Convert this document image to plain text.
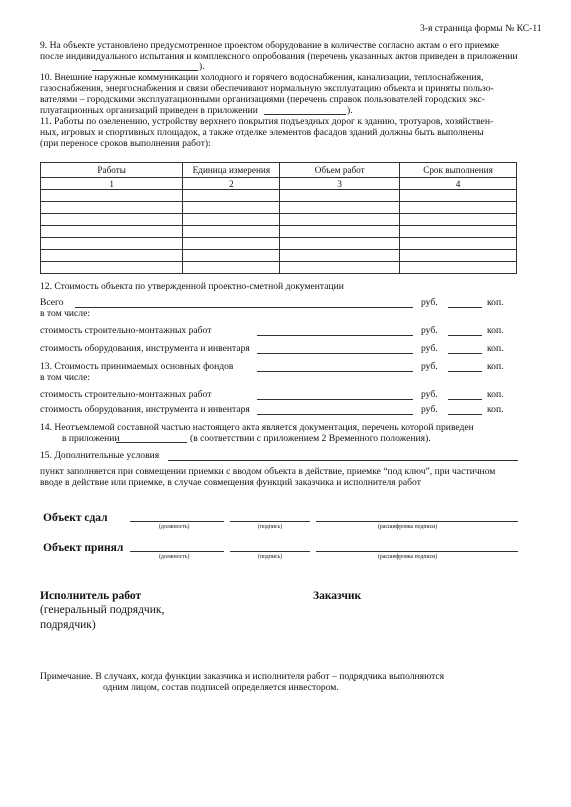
3-я страница формы № КС-11
9. На объекте установлено предусмотренное проектом оборудование в количестве согласно актам о его приемке
после индивидуального испытания и комплексного опробования (перечень указанных актов приведен в приложении
).
10. Внешние наружные коммуникации холодного и горячего водоснабжения, канализации, теплоснабжения,
газоснабжения, энергоснабжения и связи обеспечивают нормальную эксплуатацию объекта и приняты пользо-
вателями – городскими эксплуатационными организациями (перечень справок пользователей городских экс-
плуатационных организаций приведен в приложении	).
11. Работы по озеленению, устройству верхнего покрытия подъездных дорог к зданию, тротуаров, хозяйствен-
ных, игровых и спортивных площадок, а также отделке элементов фасадов зданий должны быть выполнены
(при переносе сроков выполнения работ):
Работы	Единица измерения	Объем работ	Срок выполнения
1	2	3	4

12. Стоимость объекта по утвержденной проектно-сметной документации
Всего	руб.	коп.
в том числе:
стоимость строительно-монтажных работ	руб.	коп.
стоимость оборудования, инструмента и инвентаря	руб.	коп.
13. Стоимость принимаемых основных фондов	руб.	коп.
в том числе:
стоимость строительно-монтажных работ	руб.	коп.
стоимость оборудования, инструмента и инвентаря	руб.	коп.
14. Неотъемлемой составной частью настоящего акта является документация, перечень которой приведен
в приложении	(в соответствии с приложением 2 Временного положения).
15. Дополнительные условия
пункт заполняется при совмещении приемки с вводом объекта в действие, приемке “под ключ”, при частичном
вводе в действие или приемке, в случае совмещения функций заказчика и исполнителя работ
Объект сдал
(должность)	(подпись)	(расшифровка подписи)
Объект принял
(должность)	(подпись)	(расшифровка подписи)
Исполнитель работ
(генеральный подрядчик,
подрядчик)
Заказчик
Примечание. В случаях, когда функции заказчика и исполнителя работ – подрядчика выполняются
одним лицом, состав подписей определяется инвестором.
